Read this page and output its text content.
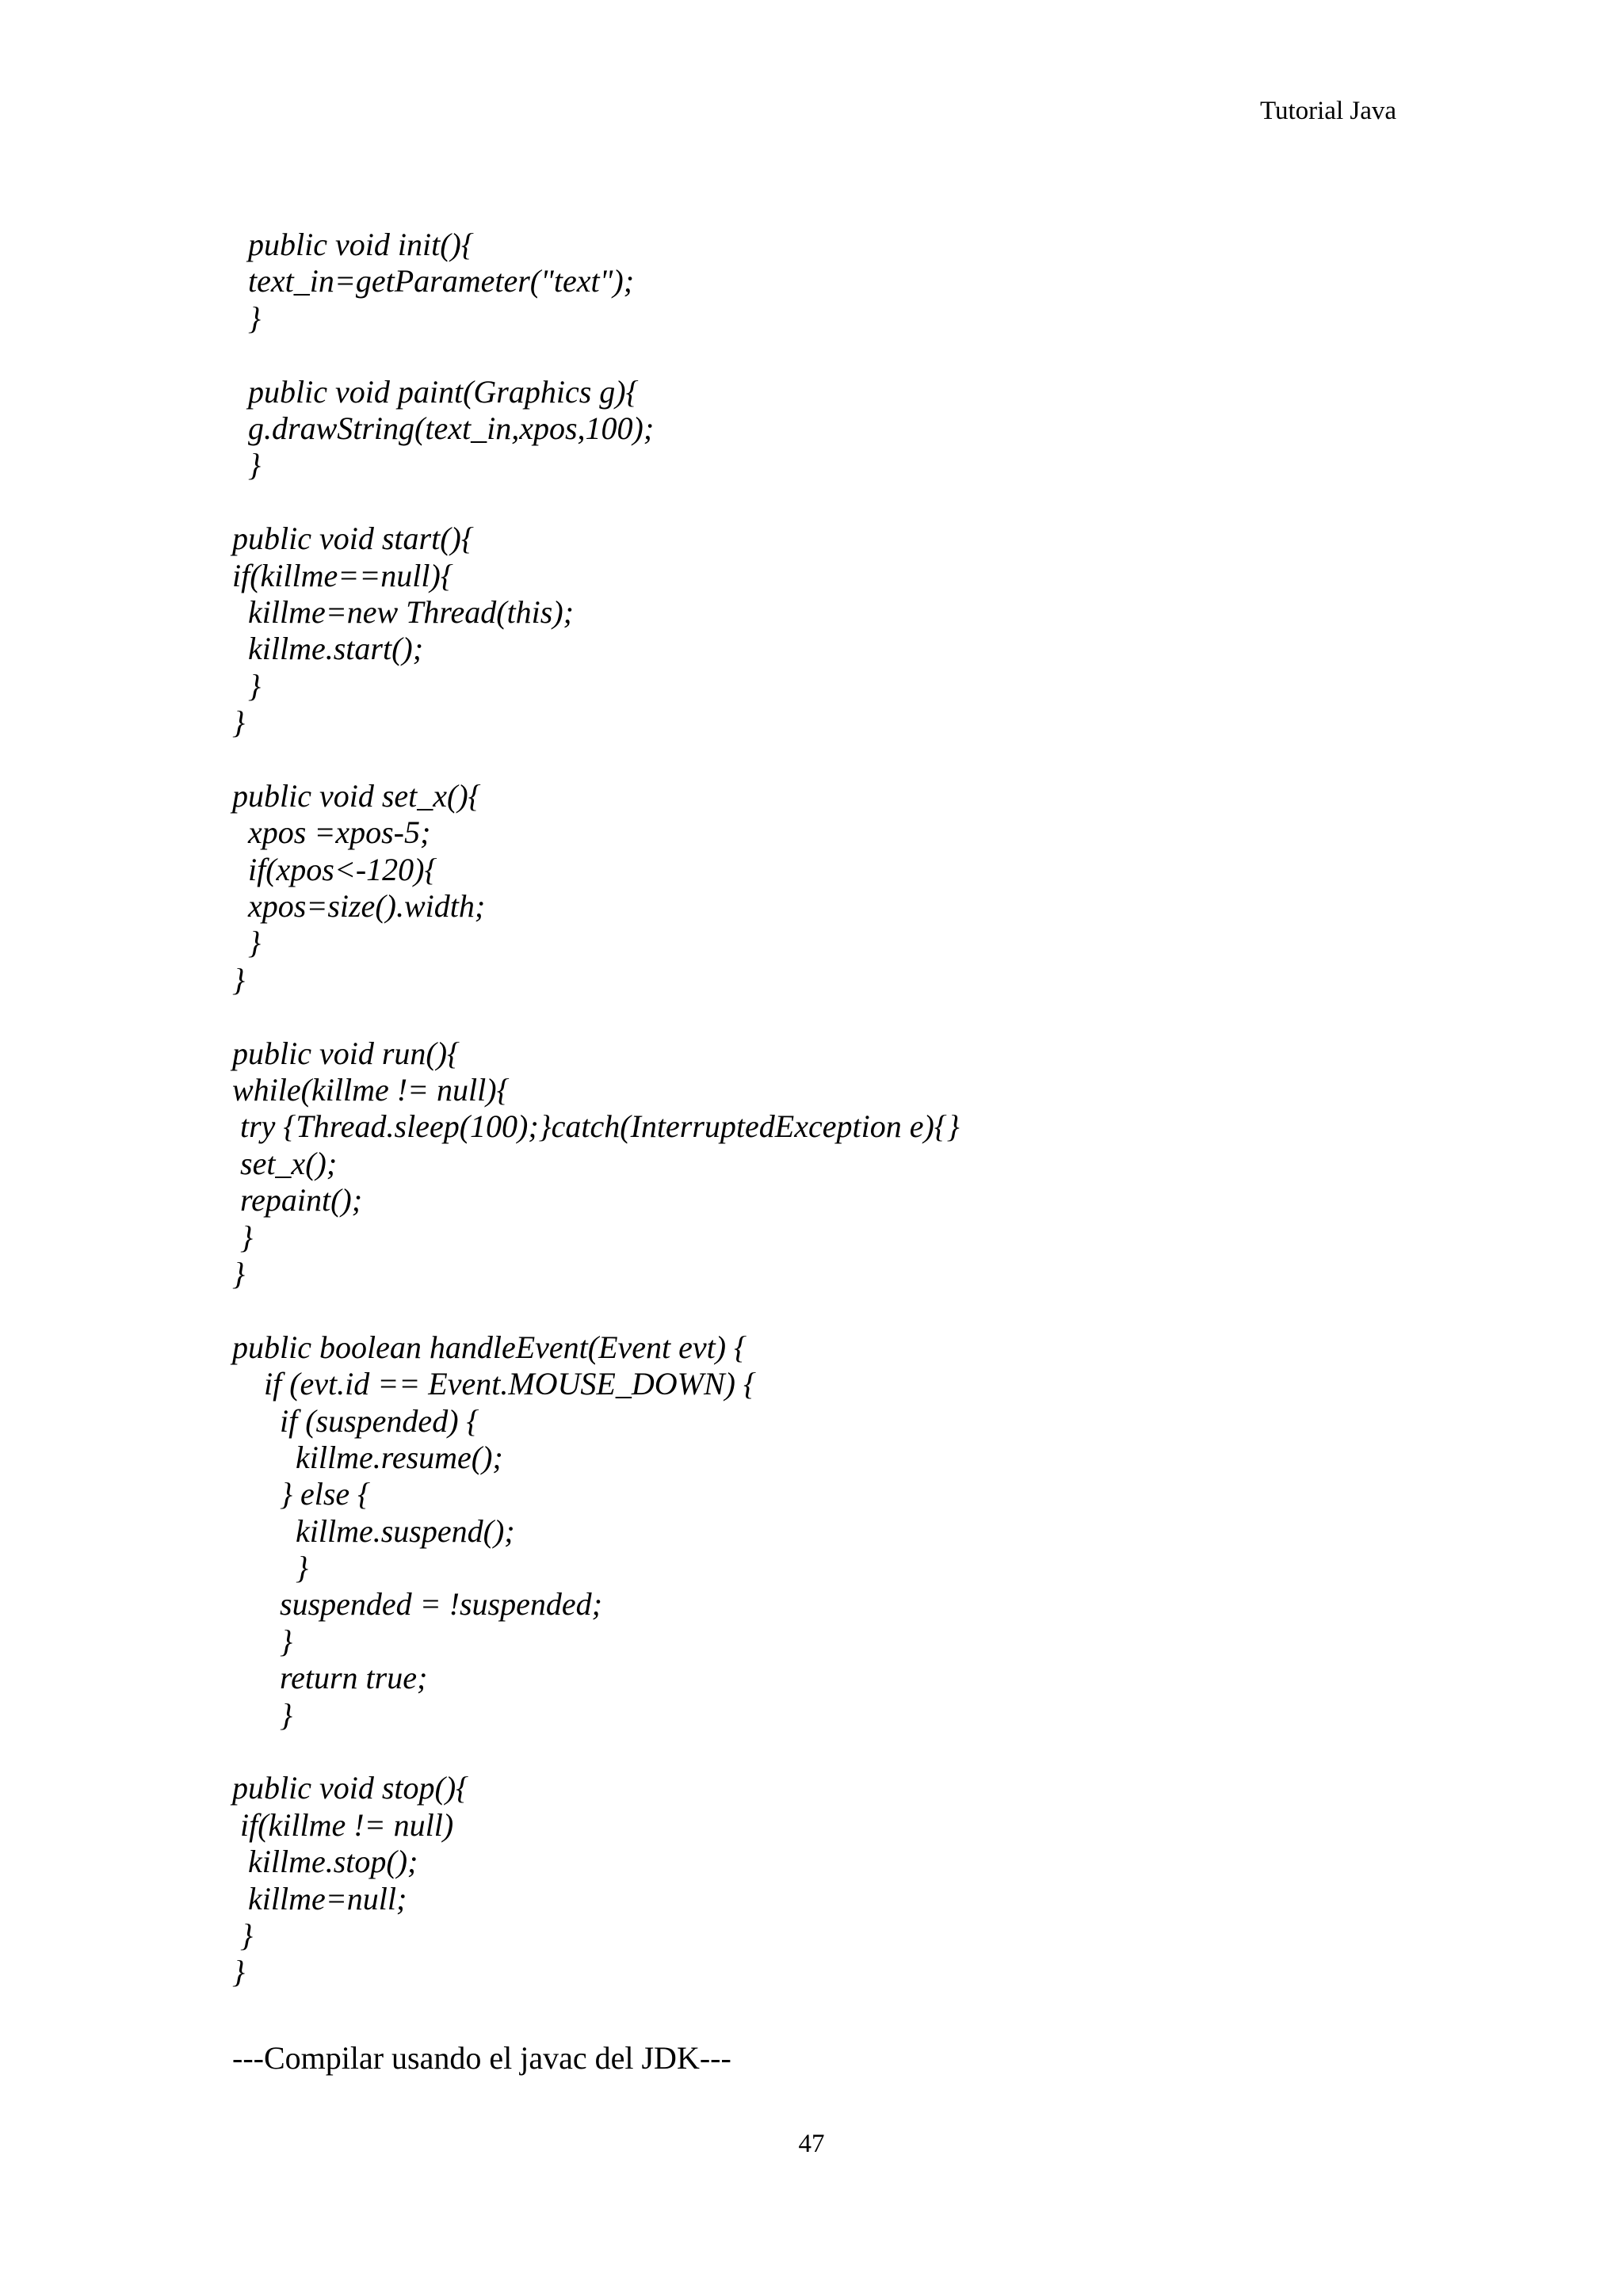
Tutorial Java
public void init(){
text_in=getParameter("text");
}
public void paint(Graphics g){
g.drawString(text_in,xpos,100);
}
public void start(){
if(killme==null){
killme=new Thread(this);
killme.start();
}
}
public void set_x(){
xpos =xpos-5;
if(xpos<-120){
xpos=size().width;
}
}
public void run(){
while(killme != null){
try {Thread.sleep(100);}catch(InterruptedException e){}
set_x();
repaint();
}
}
public boolean handleEvent(Event evt) {
if (evt.id == Event.MOUSE_DOWN) {
if (suspended) {
killme.resume();
} else {
killme.suspend();
}
suspended = !suspended;
}
return true;
}
public void stop(){
if(killme != null)
killme.stop();
killme=null;
}
}
---Compilar usando el javac del JDK---
47
